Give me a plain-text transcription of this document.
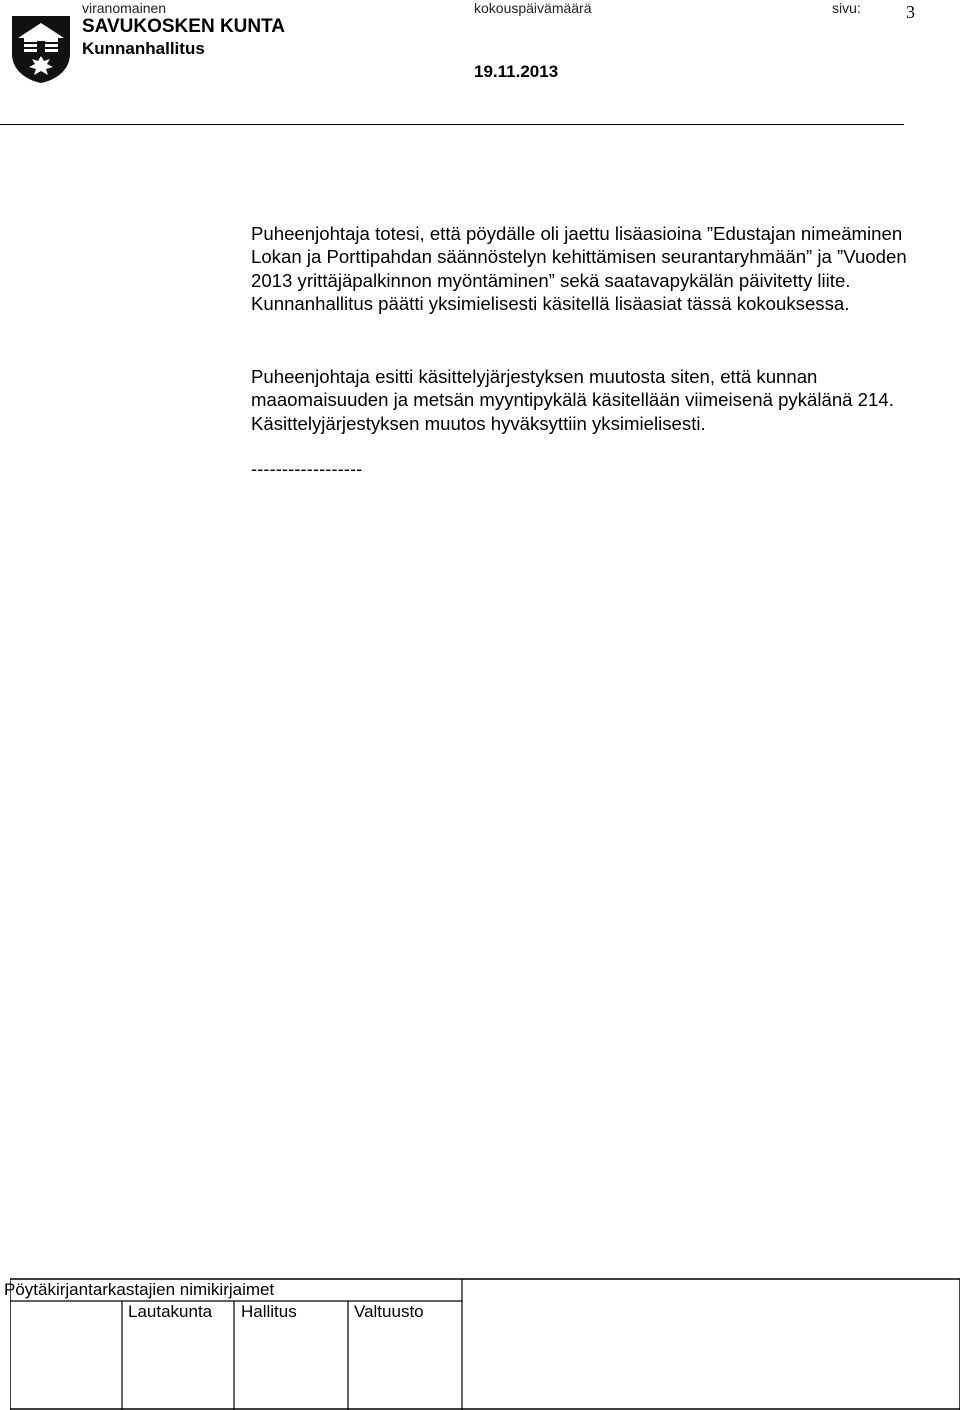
viranomainen	kokouspäivämäärä	sivu:	3
SAVUKOSKEN KUNTA
Kunnanhallitus
19.11.2013
Puheenjohtaja totesi, että pöydälle oli jaettu lisäasioina ”Edustajan nimeäminen Lokan ja Porttipahdan säännöstelyn kehittämisen seurantaryhmään” ja ”Vuoden 2013 yrittäjäpalkinnon myöntäminen” sekä saatavapykälän päivitetty liite. Kunnanhallitus päätti yksimielisesti käsitellä lisäasiat tässä kokouksessa.
Puheenjohtaja esitti käsittelyjärjestyksen muutosta siten, että kunnan maaomaisuuden ja metsän myyntipykälä käsitellään viimeisenä pykälänä 214. Käsittelyjärjestyksen muutos hyväksyttiin yksimielisesti.
------------------
Pöytäkirjantarkastajien nimikirjaimet
Lautakunta Hallitus	Valtuusto
